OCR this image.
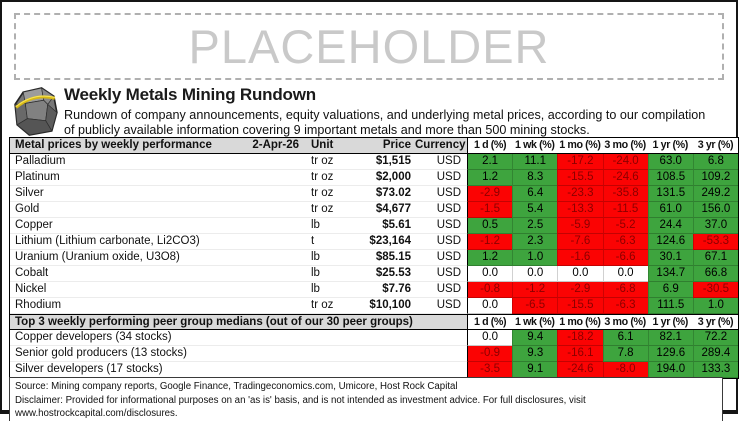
PLACEHOLDER
Weekly Metals Mining Rundown
Rundown of company announcements, equity valuations, and underlying metal prices, according to our compilation of publicly available information covering 9 important metals and more than 500 mining stocks.
Metal prices by weekly performance	2-Apr-26	Unit	Price Currency 1 d (%) 1 wk (%) 1 mo (%) 3 mo (%) 1 yr (%) 3 yr (%)
Palladium	tr oz	$1,515	USD	2.1	11.1	-17.2	-24.0	63.0	6.8
Platinum	tr oz	$2,000	USD	1.2	8.3	-15.5	-24.6	108.5	109.2
Silver	tr oz	$73.02	USD	-2.9	6.4	-23.3	-35.8	131.5	249.2
Gold	tr oz	$4,677	USD	-1.5	5.4	-13.3	-11.5	61.0	156.0
Copper	lb	$5.61	USD	0.5	2.5	-5.9	-5.2	24.4	37.0
Lithium (Lithium carbonate, Li2CO3)	t	$23,164	USD	-1.2	2.3	-7.6	-6.3	124.6	-53.3
Uranium (Uranium oxide, U3O8)	lb	$85.15	USD	1.2	1.0	-1.6	-6.6	30.1	67.1
Cobalt	lb	$25.53	USD	0.0	0.0	0.0	0.0	134.7	66.8
Nickel	lb	$7.76	USD	-0.8	-1.2	-2.9	-6.8	6.9	-30.5
Rhodium	tr oz	$10,100	USD	0.0	-6.5	-15.5	-6.3	111.5	1.0
Top 3 weekly performing peer group medians (out of our 30 peer groups)	1 d (%) 1 wk (%) 1 mo (%) 3 mo (%) 1 yr (%) 3 yr (%)
Copper developers (34 stocks)	0.0	9.4	-18.2	6.1	82.1	72.2
Senior gold producers (13 stocks)	-0.9	9.3	-16.1	7.8	129.6	289.4
Silver developers (17 stocks)	-3.5	9.1	-24.6	-8.0	194.0	133.3
Source: Mining company reports, Google Finance, Tradingeconomics.com, Umicore, Host Rock Capital
Disclaimer: Provided for informational purposes on an 'as is' basis, and is not intended as investment advice. For full disclosures, visit www.hostrockcapital.com/disclosures.
